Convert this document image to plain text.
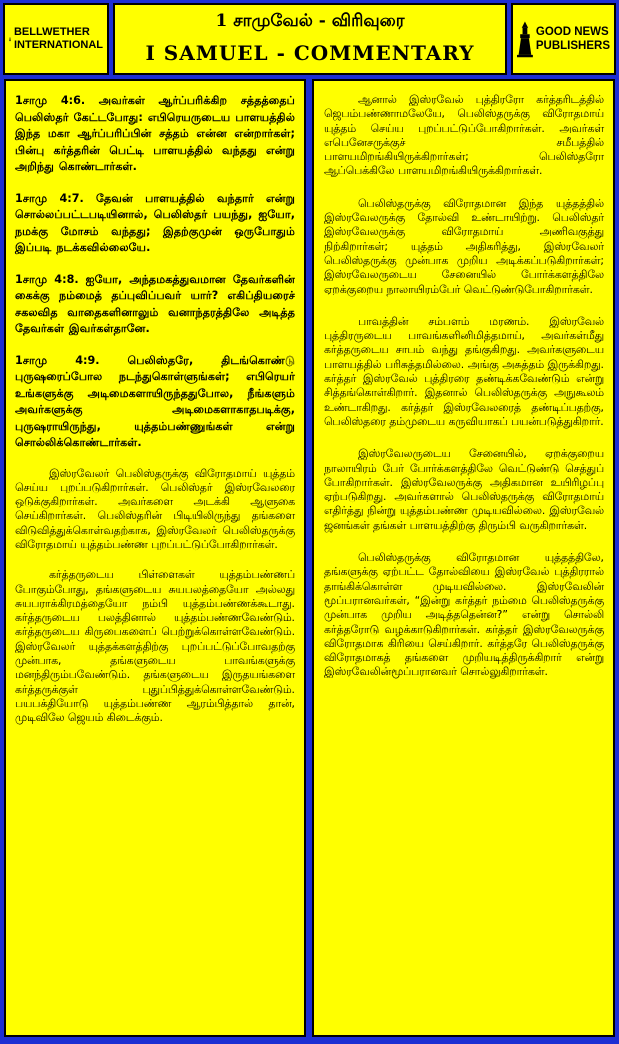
BELLWETHER
INTERNATIONAL
1 சாமுவேல் - விரிவுரை
I SAMUEL - COMMENTARY
GOOD NEWS
PUBLISHERS

1சாமு 4:6. அவர்கள் ஆர்ப்பரிக்கிற சத்தத்தைப் பெலிஸ்தர் கேட்டபோது: எபிரெயருடைய பாளயத்தில் இந்த மகா ஆர்ப்பரிப்பின் சத்தம் என்ன என்றார்கள்; பின்பு கர்த்தரின் பெட்டி பாளயத்தில் வந்தது என்று அறிந்து கொண்டார்கள்.

1சாமு 4:7. தேவன் பாளயத்தில் வந்தார் என்று சொல்லப்பட்டபடியினால், பெலிஸ்தர் பயந்து, ஐயோ, நமக்கு மோசம் வந்தது; இதற்குமுன் ஒருபோதும் இப்படி நடக்கவில்லையே.

1சாமு 4:8. ஐயோ, அந்தமகத்துவமான தேவர்களின் கைக்கு நம்மைத் தப்புவிப்பவர் யார்? எகிப்தியரைச் சகலவித வாதைகளினாலும் வனாந்தரத்திலே அடித்த தேவர்கள் இவர்கள்தானே.

1சாமு 4:9. பெலிஸ்தரே, திடங்கொண்டு புருஷரைப்போல நடந்துகொள்ளுங்கள்; எபிரெயர் உங்களுக்கு அடிமைகளாயிருந்ததுபோல, நீங்களும் அவர்களுக்கு அடிமைகளாகாதபடிக்கு, புருஷராயிருந்து, யுத்தம்பண்ணுங்கள் என்று சொல்லிக்கொண்டார்கள்.

இஸ்ரவேலர் பெலிஸ்தருக்கு விரோதமாய் யுத்தம் செய்ய புறப்படுகிறார்கள். பெலிஸ்தர் இஸ்ரவேலரை ஒடுக்குகிறார்கள். அவர்களை அடக்கி ஆளுகை செய்கிறார்கள். பெலிஸ்தரின் பிடியிலிருந்து தங்களை விடுவித்துக்கொள்வதற்காக, இஸ்ரவேலர் பெலிஸ்தருக்கு விரோதமாய் யுத்தம்பண்ண புறப்பட்டுப்போகிறார்கள்.

கர்த்தருடைய பிள்ளைகள் யுத்தம்பண்ணப் போகும்போது, தங்களுடைய சுயபலத்தையோ அல்லது சுயபராக்கிரமத்தையோ நம்பி யுத்தம்பண்ணக்கூடாது. கர்த்தருடைய பலத்தினால் யுத்தம்பண்ணவேண்டும். கர்த்தருடைய கிருபைகளைப் பெற்றுக்கொள்ளவேண்டும். இஸ்ரவேலர் யுத்தக்களத்திற்கு புறப்பட்டுப்போவதற்கு முன்பாக, தங்களுடைய பாவங்களுக்கு மனந்திரும்பவேண்டும். தங்களுடைய இருதயங்களை கர்த்தருக்குள் புதுப்பித்துக்கொள்ளவேண்டும். பயபக்தியோடு யுத்தம்பண்ண ஆரம்பித்தால் தான், முடிவிலே ஜெயம் கிடைக்கும்.

ஆனால் இஸ்ரவேல் புத்திரரோ கர்த்தரிடத்தில் ஜெபம்பண்ணாமலேயே, பெலிஸ்தருக்கு விரோதமாய் யுத்தம் செய்ய புறப்பட்டுப்போகிறார்கள். அவர்கள் எபெனேசருக்குச் சமீபத்தில் பாளயமிறங்கியிருக்கிறார்கள்; பெலிஸ்தரோ ஆப்பெக்கிலே பாளயமிறங்கியிருக்கிறார்கள்.

பெலிஸ்தருக்கு விரோதமான இந்த யுத்தத்தில் இஸ்ரவேலருக்கு தோல்வி உண்டாயிற்று. பெலிஸ்தர் இஸ்ரவேலருக்கு விரோதமாய் அணிவகுத்து நிற்கிறார்கள்; யுத்தம் அதிகரித்து, இஸ்ரவேலர் பெலிஸ்தருக்கு முன்பாக முறிய அடிக்கப்படுகிறார்கள்; இஸ்ரவேலருடைய சேனையில் போர்க்களத்திலே ஏறக்குறைய நாலாயிரம்பேர் வெட்டுண்டுபோகிறார்கள்.

பாவத்தின் சம்பளம் மரணம். இஸ்ரவேல் புத்திரருடைய பாவங்களினிமித்தமாய், அவர்கள்மீது கர்த்தருடைய சாபம் வந்து தங்குகிறது. அவர்களுடைய பாளயத்தில் பரிசுத்தமில்லை. அங்கு அசுத்தம் இருக்கிறது. கர்த்தர் இஸ்ரவேல் புத்திரரை தண்டிக்கவேண்டும் என்று சித்தங்கொள்கிறார். இதனால் பெலிஸ்தருக்கு அநுகூலம் உண்டாகிறது. கர்த்தர் இஸ்ரவேலரைத் தண்டிப்பதற்கு, பெலிஸ்தரை தம்முடைய கருவியாகப் பயன்படுத்துகிறார்.

இஸ்ரவேலருடைய சேனையில், ஏறக்குறைய நாலாயிரம் பேர் போர்க்களத்திலே வெட்டுண்டு செத்துப் போகிறார்கள். இஸ்ரவேலருக்கு அதிகமான உயிரிழப்பு ஏற்படுகிறது. அவர்களால் பெலிஸ்தருக்கு விரோதமாய் எதிர்த்து நின்று யுத்தம்பண்ண முடியவில்லை. இஸ்ரவேல் ஜனங்கள் தங்கள் பாளயத்திற்கு திரும்பி வருகிறார்கள்.

பெலிஸ்தருக்கு விரோதமான யுத்தத்திலே, தங்களுக்கு ஏற்பட்ட தோல்வியை இஸ்ரவேல் புத்திரரால் தாங்கிக்கொள்ள முடியவில்லை. இஸ்ரவேலின் மூப்பரானவர்கள், “இன்று கர்த்தர் நம்மை பெலிஸ்தருக்கு முன்பாக முறிய அடித்ததென்ன?” என்று சொல்லி கர்த்தரோடு வழக்காடுகிறார்கள். கர்த்தர் இஸ்ரவேலருக்கு விரோதமாக கிரியை செய்கிறார். கர்த்தரே பெலிஸ்தருக்கு விரோதமாகத் தங்களை முறியடித்திருக்கிறார் என்று இஸ்ரவேலின்மூப்பரானவர் சொல்லுகிறார்கள்.
